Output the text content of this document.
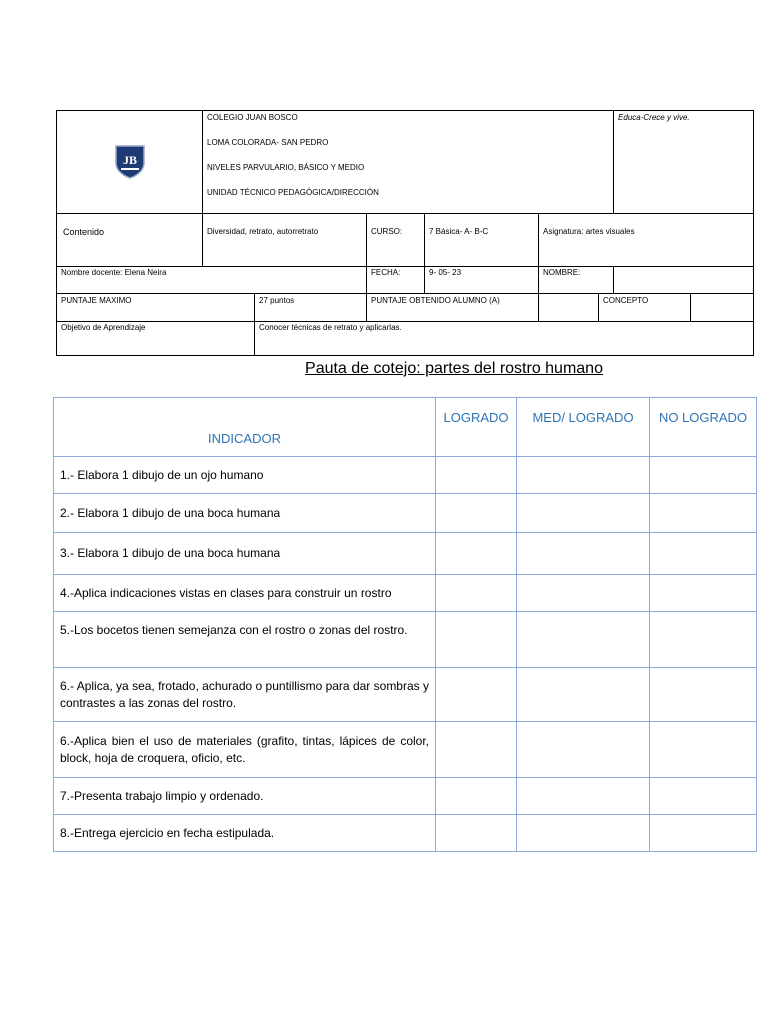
JB	COLEGIO JUAN BOSCO
LOMA COLORADA- SAN PEDRO
NIVELES PARVULARIO, BÁSICO Y MEDIO
UNIDAD TÉCNICO PEDAGÓGICA/DIRECCIÓN						Educa-Crece y vive.	
Contenido	Diversidad, retrato, autorretrato		CURSO:	7 Básica- A- B-C	Asignatura: artes visuales			
Nombre docente: Elena Neira			FECHA:	9- 05- 23	NOMBRE:			
PUNTAJE MAXIMO		27 puntos	PUNTAJE OBTENIDO ALUMNO (A)			CONCEPTO		
Objetivo de Aprendizaje		Conocer técnicas de retrato y aplicarlas.						
Pauta de cotejo: partes del rostro humano
INDICADOR	LOGRADO	MED/ LOGRADO	NO LOGRADO
1.- Elabora 1 dibujo de un ojo humano			
2.- Elabora 1 dibujo de una boca humana			
3.- Elabora 1 dibujo de una boca humana			
4.-Aplica indicaciones vistas en clases para construir un rostro			
5.-Los bocetos tienen semejanza con el rostro o zonas del rostro.			
6.- Aplica, ya sea, frotado, achurado o puntillismo para dar sombras y contrastes a las zonas del rostro.			
6.-Aplica bien el uso de materiales (grafito, tintas, lápices de color, block, hoja de croquera, oficio, etc.			
7.-Presenta trabajo limpio y ordenado.			
8.-Entrega ejercicio en fecha estipulada.			
